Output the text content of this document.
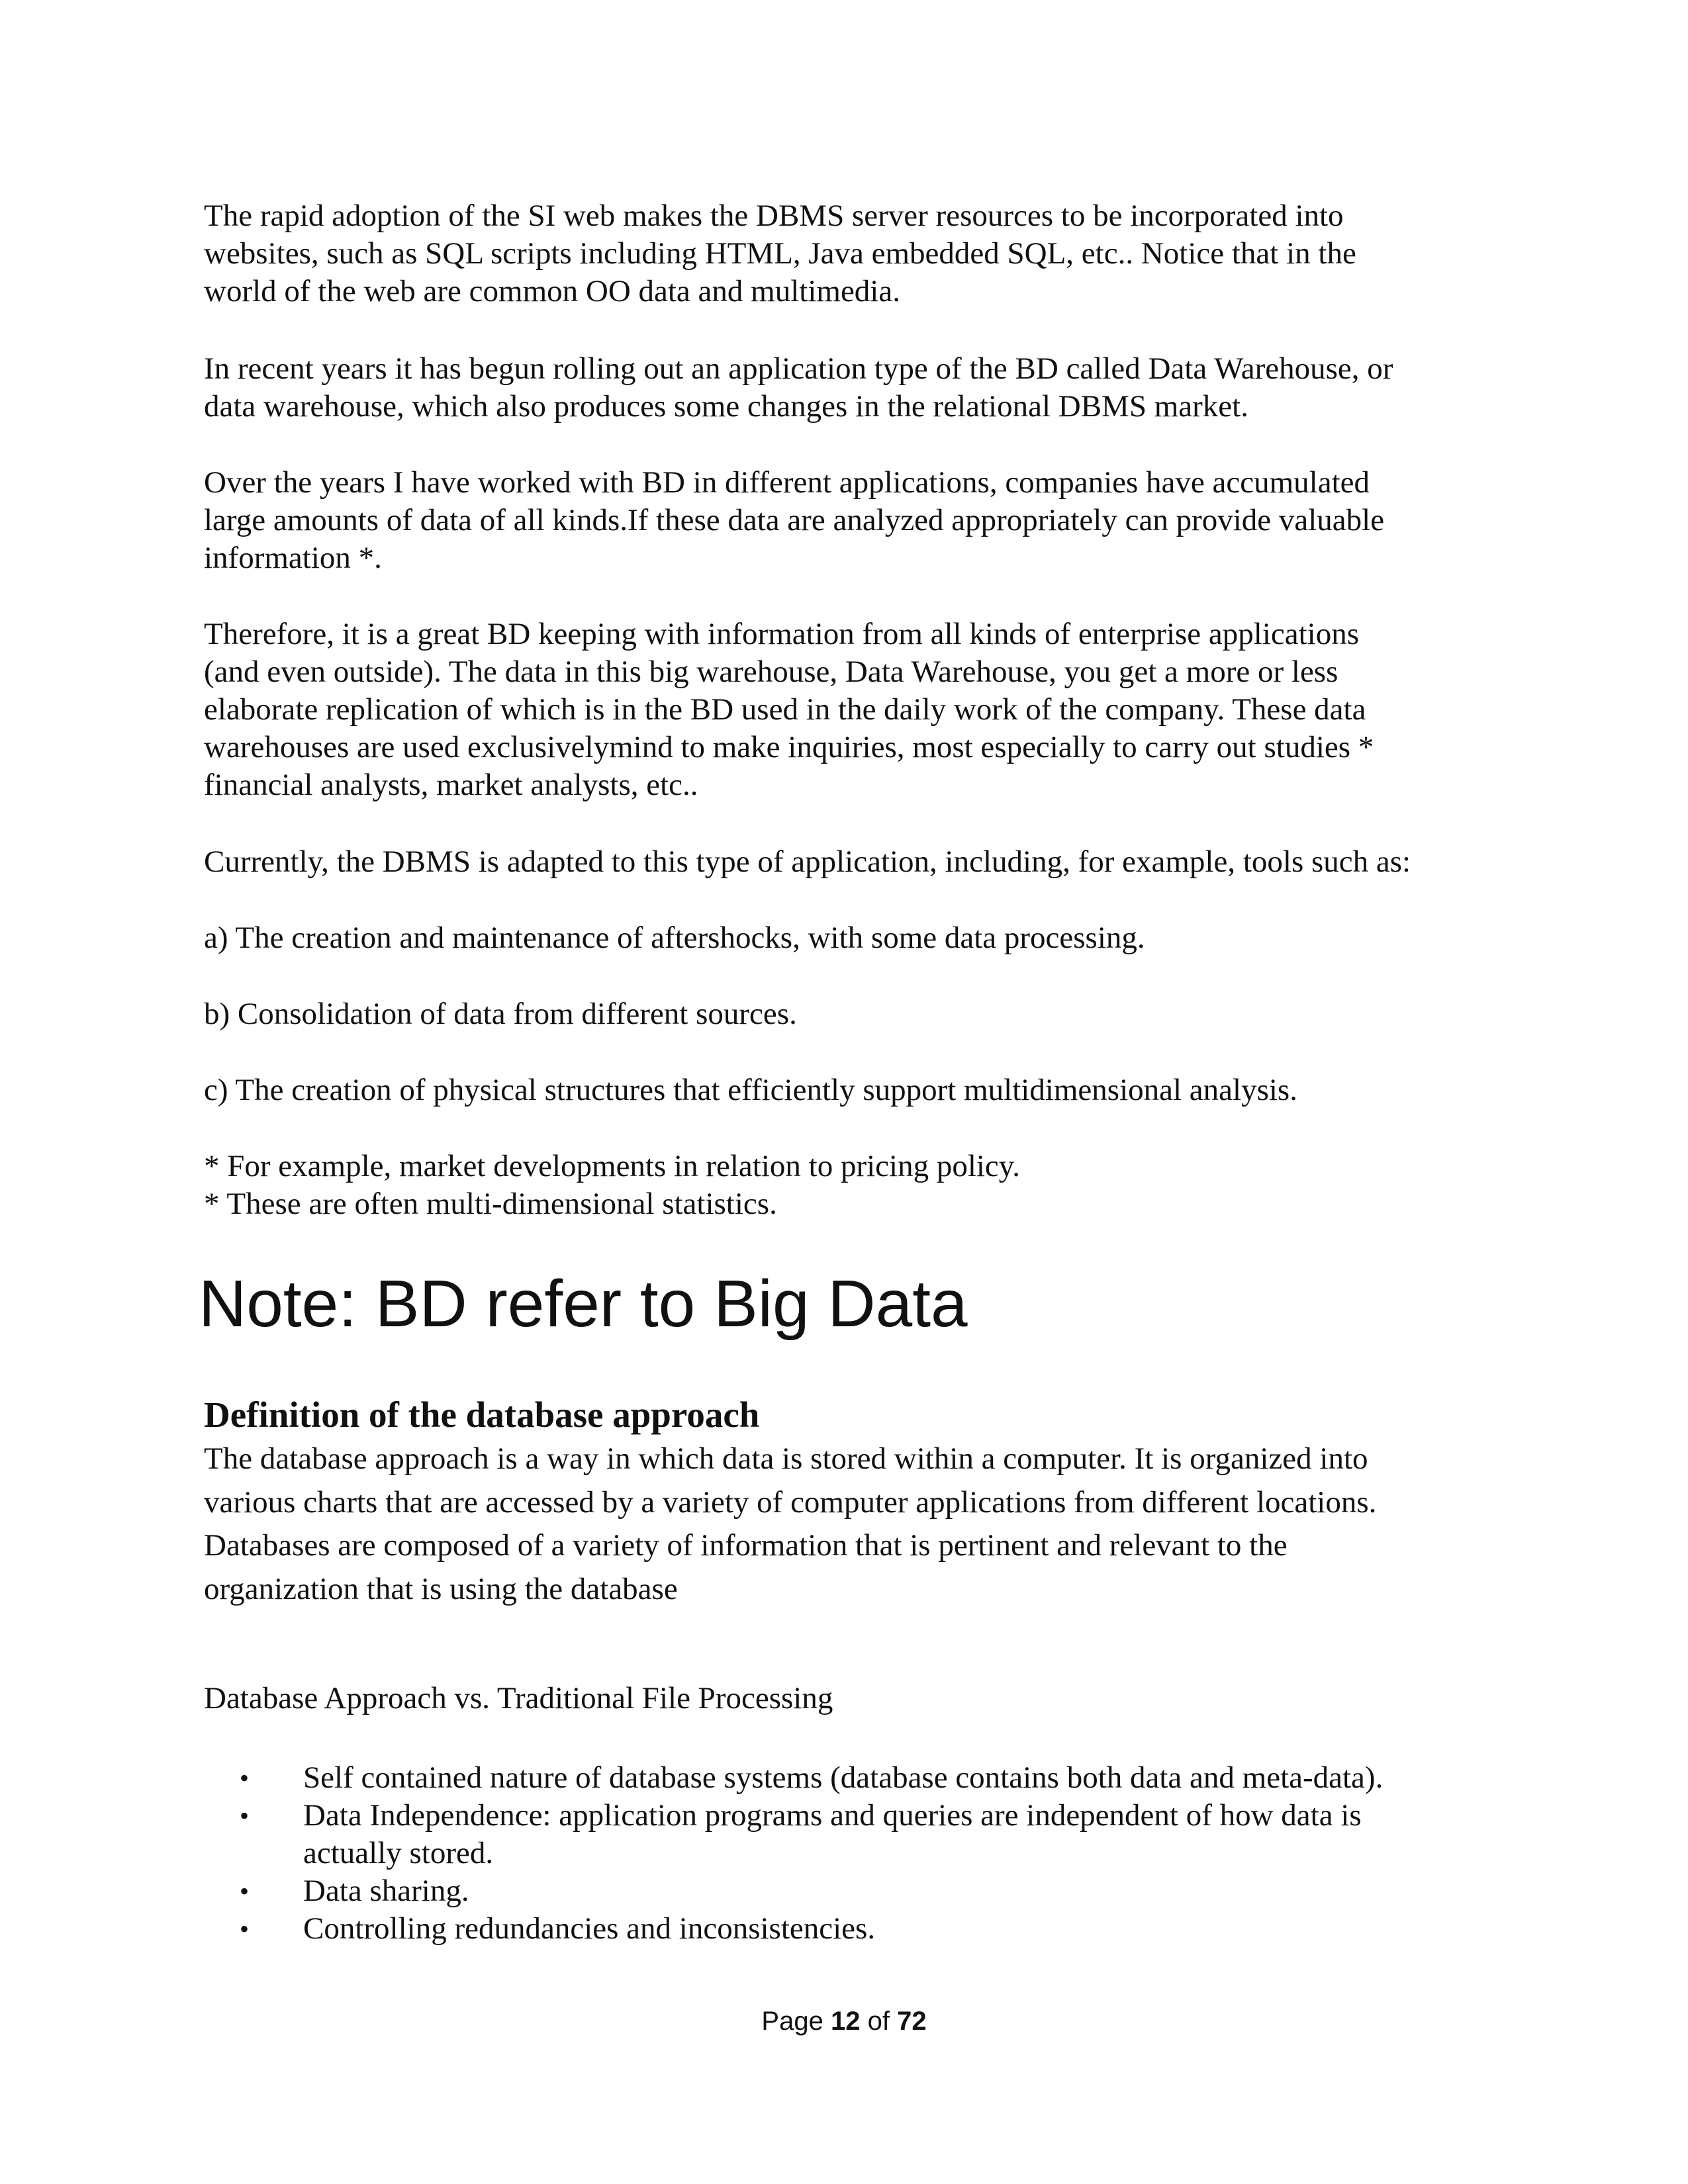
The rapid adoption of the SI web makes the DBMS server resources to be incorporated into
websites, such as SQL scripts including HTML, Java embedded SQL, etc.. Notice that in the
world of the web are common OO data and multimedia.

In recent years it has begun rolling out an application type of the BD called Data Warehouse, or
data warehouse, which also produces some changes in the relational DBMS market.

Over the years I have worked with BD in different applications, companies have accumulated
large amounts of data of all kinds.If these data are analyzed appropriately can provide valuable
information *.

Therefore, it is a great BD keeping with information from all kinds of enterprise applications
(and even outside). The data in this big warehouse, Data Warehouse, you get a more or less
elaborate replication of which is in the BD used in the daily work of the company. These data
warehouses are used exclusivelymind to make inquiries, most especially to carry out studies *
financial analysts, market analysts, etc..

Currently, the DBMS is adapted to this type of application, including, for example, tools such as:

a) The creation and maintenance of aftershocks, with some data processing.

b) Consolidation of data from different sources.

c) The creation of physical structures that efficiently support multidimensional analysis.

* For example, market developments in relation to pricing policy.
* These are often multi-dimensional statistics.

Note: BD refer to Big Data
Definition of the database approach

The database approach is a way in which data is stored within a computer. It is organized into
various charts that are accessed by a variety of computer applications from different locations.
Databases are composed of a variety of information that is pertinent and relevant to the
organization that is using the database

Database Approach vs. Traditional File Processing

• Self contained nature of database systems (database contains both data and meta-data).
• Data Independence: application programs and queries are independent of how data is
actually stored.
• Data sharing.
• Controlling redundancies and inconsistencies.
Page 12 of 72
